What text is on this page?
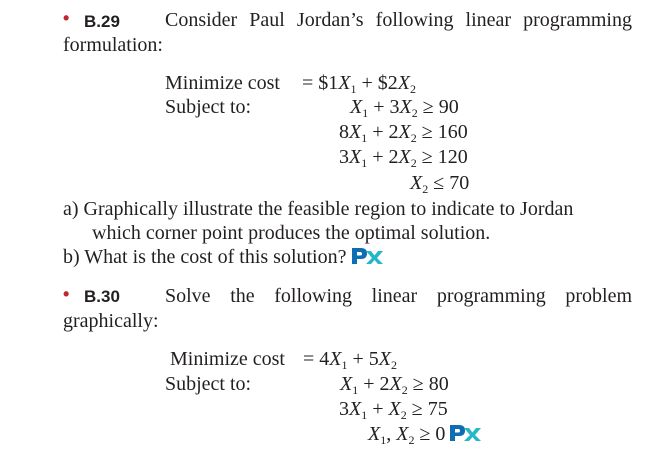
• B.29 Consider Paul Jordan’s following linear programming
formulation:
Minimize cost
Subject to:
= $\$1X_1$ + $\$2X_2$
$X_1 + 3X_2 \ge 90$
$8X_1 + 2X_2 \ge 160$
$3X_1 + 2X_2 \ge 120$
$X_2 \le 70$
a) Graphically illustrate the feasible region to indicate to Jordan
which corner point produces the optimal solution.
b) What is the cost of this solution?
• B.30 Solve the following linear programming problem
graphically:
Minimize cost
Subject to:
= $4X_1 + 5X_2$
$X_1 + 2X_2 \ge 80$
$3X_1 + X_2 \ge 75$
$X_1$, $X_2 \ge 0$
